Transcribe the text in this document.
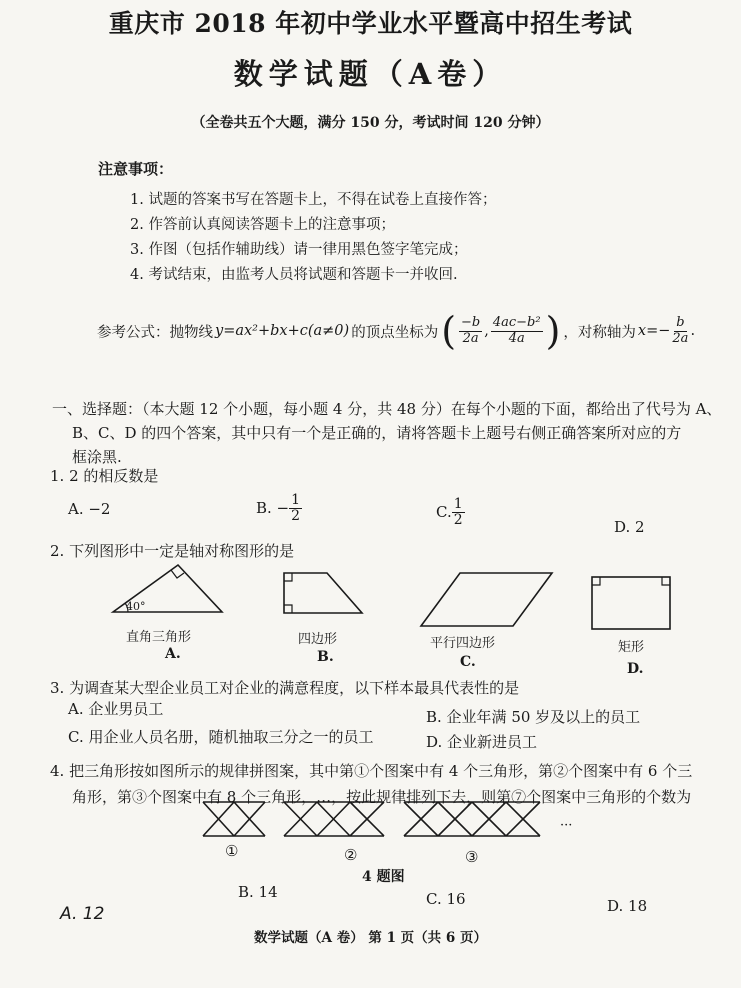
重庆市 2018 年初中学业水平暨高中招生考试
数学试题（A卷）
（全卷共五个大题，满分 150 分，考试时间 120 分钟）
注意事项：
1. 试题的答案书写在答题卡上，不得在试卷上直接作答；
2. 作答前认真阅读答题卡上的注意事项；
3. 作图（包括作辅助线）请一律用黑色签字笔完成；
4. 考试结束，由监考人员将试题和答题卡一并收回.
参考公式：抛物线 y=ax²+bx+c(a≠0) 的顶点坐标为 ( $\frac{-b}{2a}$ , $\frac{\text{4ac−b²}}{4a}$ ) ，对称轴为 $x=- \frac{b}{2a}$ .
一、选择题：（本大题 12 个小题，每小题 4 分，共 48 分）在每个小题的下面，都给出了代号为 A、
B、C、D 的四个答案，其中只有一个是正确的，请将答题卡上题号右侧正确答案所对应的方
框涂黑.
1. 2 的相反数是
A. −2	B. − $\frac{1}{2}$	C. $\frac{1}{2}$	D. 2
2. 下列图形中一定是轴对称图形的是
40°
直角三角形	四边形	平行四边形	矩形
A.	B.	C.	D.
3. 为调查某大型企业员工对企业的满意程度，以下样本最具代表性的是
A. 企业男员工	B. 企业年满 50 岁及以上的员工
C. 用企业人员名册，随机抽取三分之一的员工	D. 企业新进员工
4. 把三角形按如图所示的规律拼图案，其中第①个图案中有 4 个三角形，第②个图案中有 6 个三
角形，第③个图案中有 8 个三角形，…，按此规律排列下去，则第⑦个图案中三角形的个数为
···
①	②	③
4 题图
A. 12
B. 14	C. 16	D. 18
数学试题（A 卷） 第 1 页（共 6 页）
